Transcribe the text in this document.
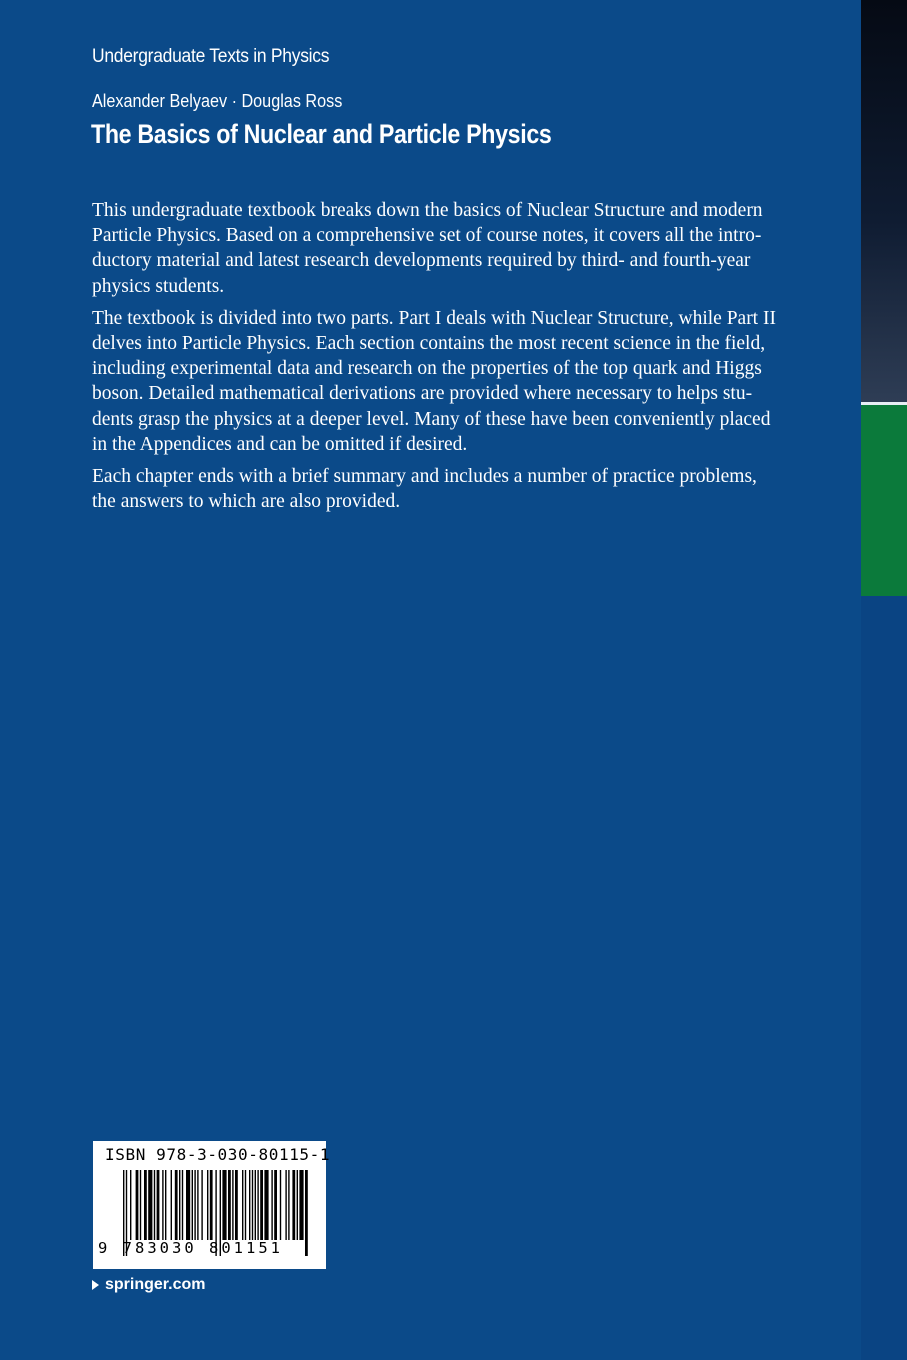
Undergraduate Texts in Physics
Alexander Belyaev · Douglas Ross
The Basics of Nuclear and Particle Physics
This undergraduate textbook breaks down the basics of Nuclear Structure and modern
Particle Physics. Based on a comprehensive set of course notes, it covers all the intro-
ductory material and latest research developments required by third- and fourth-year
physics students.
The textbook is divided into two parts. Part I deals with Nuclear Structure, while Part II
delves into Particle Physics. Each section contains the most recent science in the field,
including experimental data and research on the properties of the top quark and Higgs
boson. Detailed mathematical derivations are provided where necessary to helps stu-
dents grasp the physics at a deeper level. Many of these have been conveniently placed
in the Appendices and can be omitted if desired.
Each chapter ends with a brief summary and includes a number of practice problems,
the answers to which are also provided.
ISBN 978-3-030-80115-1
9 783030 801151
springer.com
